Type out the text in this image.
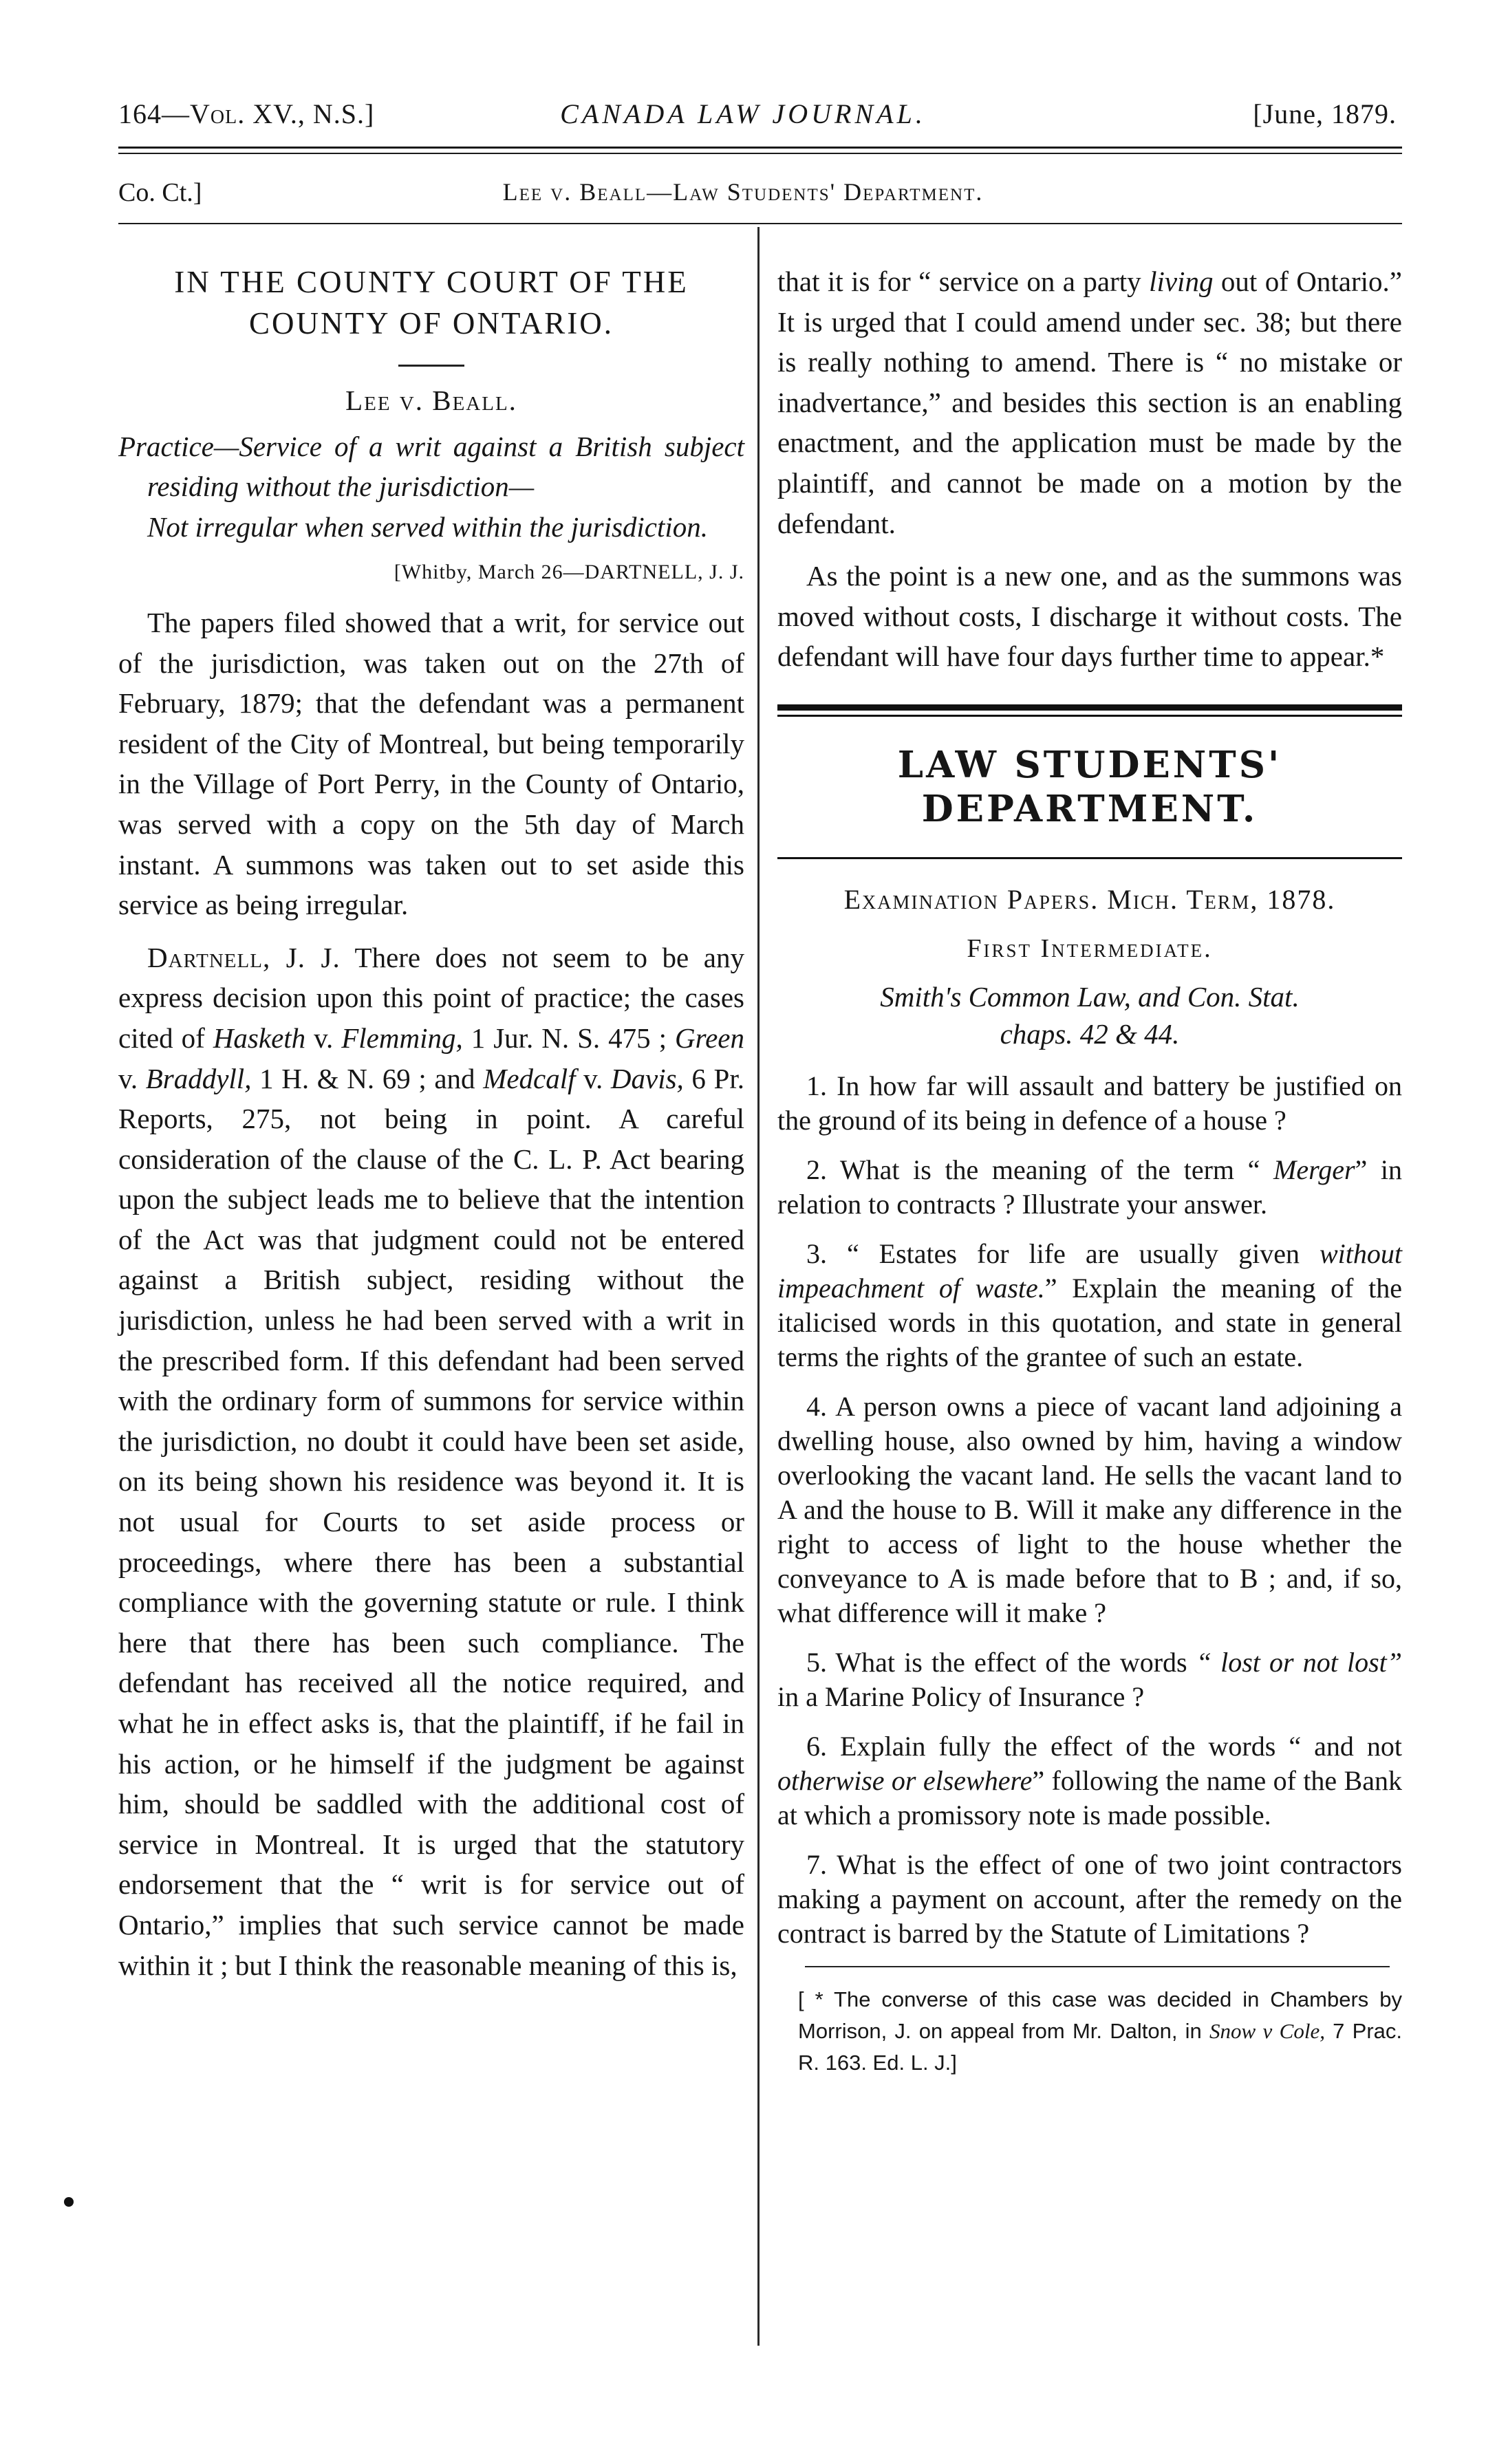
164—Vol. XV., N.S.]	CANADA LAW JOURNAL.	[June, 1879.
Co. Ct.]	Lee v. Beall—Law Students' Department.
IN THE COUNTY COURT OF THE COUNTY OF ONTARIO.
Lee v. Beall.
Practice—Service of a writ against a British subject residing without the jurisdiction—
Not irregular when served within the jurisdiction.
[Whitby, March 26—DARTNELL, J. J.

The papers filed showed that a writ, for service out of the jurisdiction, was taken out on the 27th of February, 1879; that the defendant was a permanent resident of the City of Montreal, but being temporarily in the Village of Port Perry, in the County of Ontario, was served with a copy on the 5th day of March instant. A summons was taken out to set aside this service as being irregular.

Dartnell, J. J. There does not seem to be any express decision upon this point of practice; the cases cited of Hasketh v. Flemming, 1 Jur. N. S. 475 ; Green v. Braddyll, 1 H. & N. 69 ; and Medcalf v. Davis, 6 Pr. Reports, 275, not being in point. A careful consideration of the clause of the C. L. P. Act bearing upon the subject leads me to believe that the intention of the Act was that judgment could not be entered against a British subject, residing without the jurisdiction, unless he had been served with a writ in the prescribed form. If this defendant had been served with the ordinary form of summons for service within the jurisdiction, no doubt it could have been set aside, on its being shown his residence was beyond it. It is not usual for Courts to set aside process or proceedings, where there has been a substantial compliance with the governing statute or rule. I think here that there has been such compliance. The defendant has received all the notice required, and what he in effect asks is, that the plaintiff, if he fail in his action, or he himself if the judgment be against him, should be saddled with the additional cost of service in Montreal. It is urged that the statutory endorsement that the “ writ is for service out of Ontario,” implies that such service cannot be made within it ; but I think the reasonable meaning of this is,

that it is for “ service on a party living out of Ontario.” It is urged that I could amend under sec. 38; but there is really nothing to amend. There is “ no mistake or inadvertance,” and besides this section is an enabling enactment, and the application must be made by the plaintiff, and cannot be made on a motion by the defendant.

As the point is a new one, and as the summons was moved without costs, I discharge it without costs. The defendant will have four days further time to appear.*

LAW STUDENTS' DEPARTMENT.
Examination Papers. Mich. Term, 1878.
First Intermediate.
Smith's Common Law, and Con. Stat.
chaps. 42 & 44.

1. In how far will assault and battery be justified on the ground of its being in defence of a house ?

2. What is the meaning of the term “ Merger” in relation to contracts ? Illustrate your answer.

3. “ Estates for life are usually given without impeachment of waste.” Explain the meaning of the italicised words in this quotation, and state in general terms the rights of the grantee of such an estate.

4. A person owns a piece of vacant land adjoining a dwelling house, also owned by him, having a window overlooking the vacant land. He sells the vacant land to A and the house to B. Will it make any difference in the right to access of light to the house whether the conveyance to A is made before that to B ; and, if so, what difference will it make ?

5. What is the effect of the words “ lost or not lost” in a Marine Policy of Insurance ?

6. Explain fully the effect of the words “ and not otherwise or elsewhere” following the name of the Bank at which a promissory note is made possible.

7. What is the effect of one of two joint contractors making a payment on account, after the remedy on the contract is barred by the Statute of Limitations ?

[ * The converse of this case was decided in Chambers by Morrison, J. on appeal from Mr. Dalton, in Snow v Cole, 7 Prac. R. 163. Ed. L. J.]
